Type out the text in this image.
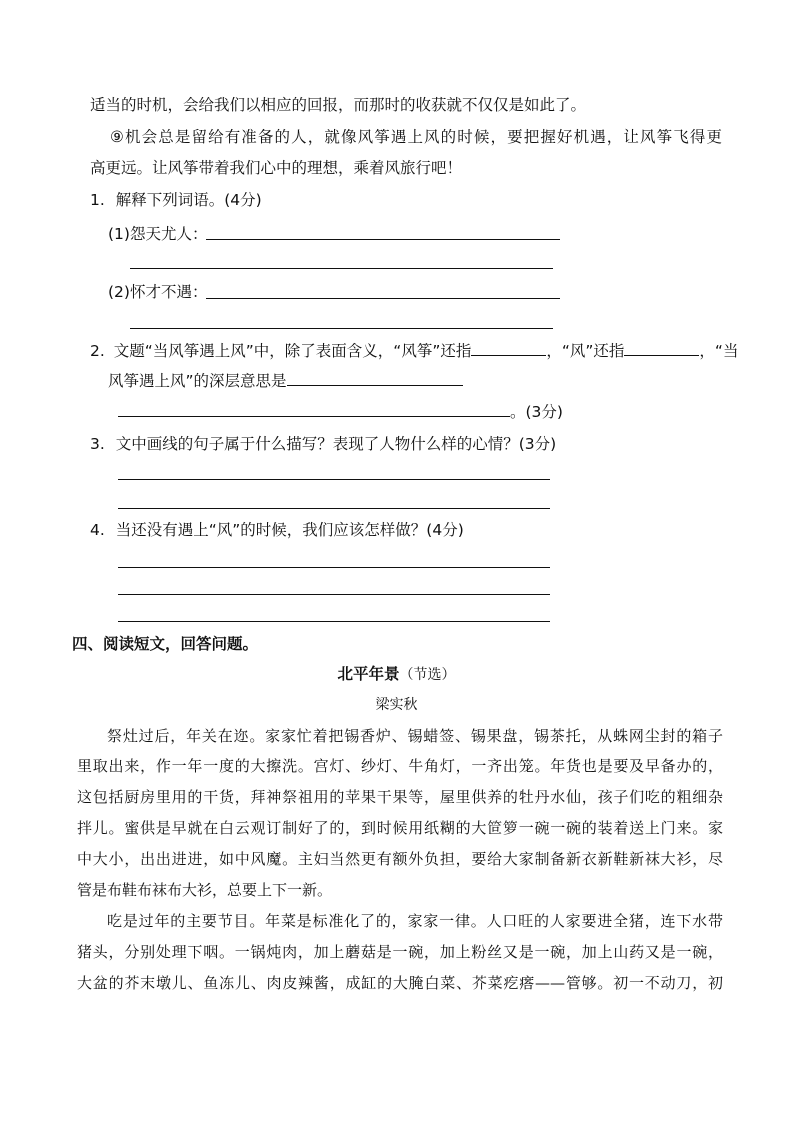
适当的时机，会给我们以相应的回报，而那时的收获就不仅仅是如此了。
⑨机会总是留给有准备的人，就像风筝遇上风的时候，要把握好机遇，让风筝飞得更
高更远。让风筝带着我们心中的理想，乘着风旅行吧！
1. 解释下列词语。(4分)
(1)怨天尤人：
(2)怀才不遇：
2. 文题“当风筝遇上风”中，除了表面含义，“风筝”还指	，“风”还指	，“当
风筝遇上风”的深层意思是
。(3分)
3. 文中画线的句子属于什么描写？表现了人物什么样的心情？(3分)
4. 当还没有遇上“风”的时候，我们应该怎样做？(4分)
四、阅读短文，回答问题。
北平年景（节选）
梁实秋
祭灶过后，年关在迩。家家忙着把锡香炉、锡蜡签、锡果盘，锡茶托，从蛛网尘封的箱子
里取出来，作一年一度的大擦洗。宫灯、纱灯、牛角灯，一齐出笼。年货也是要及早备办的，
这包括厨房里用的干货，拜神祭祖用的苹果干果等，屋里供养的牡丹水仙，孩子们吃的粗细杂
拌儿。蜜供是早就在白云观订制好了的，到时候用纸糊的大笸箩一碗一碗的装着送上门来。家
中大小，出出进进，如中风魔。主妇当然更有额外负担，要给大家制备新衣新鞋新袜大衫，尽
管是布鞋布袜布大衫，总要上下一新。
吃是过年的主要节目。年菜是标准化了的，家家一律。人口旺的人家要进全猪，连下水带
猪头，分别处理下咽。一锅炖肉，加上蘑菇是一碗，加上粉丝又是一碗，加上山药又是一碗，
大盆的芥末墩儿、鱼冻儿、肉皮辣酱，成缸的大腌白菜、芥菜疙瘩——管够。初一不动刀，初
